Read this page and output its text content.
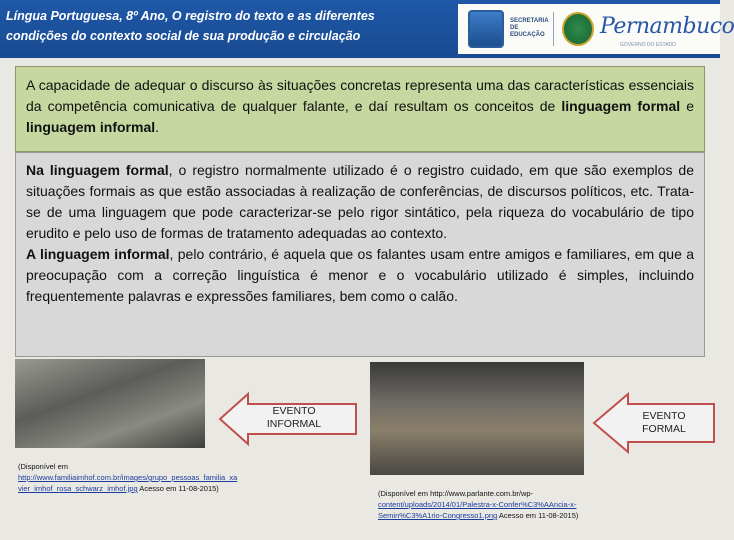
Língua Portuguesa, 8º Ano, O registro do texto e as diferentes
condições do contexto social de sua produção e circulação
SECRETARIA DE EDUCAÇÃO	Pernambuco
GOVERNO DO ESTADO
A capacidade de adequar o discurso às situações concretas representa uma das características essenciais da competência comunicativa de qualquer falante, e daí resultam os conceitos de linguagem formal e linguagem informal.
Na linguagem formal, o registro normalmente utilizado é o registro cuidado, em que são exemplos de situações formais as que estão associadas à realização de conferências, de discursos políticos, etc. Trata-se de uma linguagem que pode caracterizar-se pelo rigor sintático, pela riqueza do vocabulário de tipo erudito e pelo uso de formas de tratamento adequadas ao contexto.
A linguagem informal, pelo contrário, é aquela que os falantes usam entre amigos e familiares, em que a preocupação com a correção linguística é menor e o vocabulário utilizado é simples, incluindo frequentemente palavras e expressões familiares, bem como o calão.
EVENTO
INFORMAL
EVENTO
FORMAL
(Disponível em
http://www.familiaimhof.com.br/images/grupo_pessoas_familia_xa
vier_imhof_rosa_schwarz_imhof.jpg Acesso em 11-08-2015)
(Disponível em http://www.parlante.com.br/wp-
content/uploads/2014/01/Palestra-x-Confer%C3%AAncia-x-
Semin%C3%A1rio-Congresso1.png Acesso em 11-08-2015)
